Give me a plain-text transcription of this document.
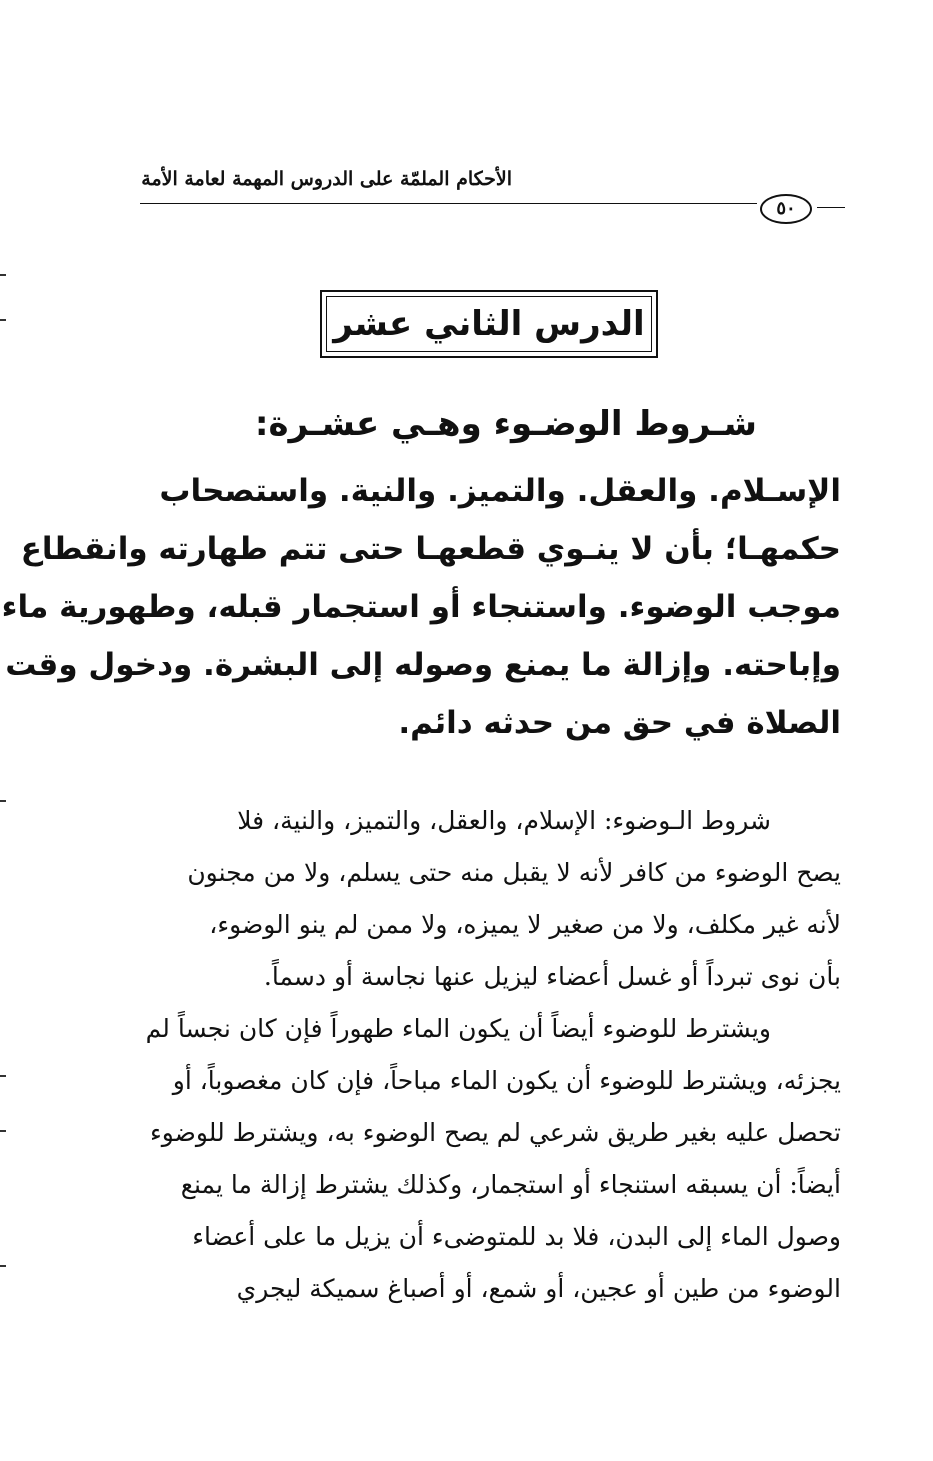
الأحكام الملمّة على الدروس المهمة لعامة الأمة
٥٠
الدرس الثاني عشر
شـروط الوضـوء وهـي عشـرة:
الإسـلام. والعقل. والتميز. والنية. واستصحاب
حكمهـا؛ بأن لا ينـوي قطعهـا حتى تتم طهارته وانقطاع
موجب الوضوء. واستنجاء أو استجمار قبله، وطهورية ماء
وإباحته. وإزالة ما يمنع وصوله إلى البشرة. ودخول وقت
الصلاة في حق من حدثه دائم.
شروط الـوضوء: الإسلام، والعقل، والتميز، والنية، فلا
يصح الوضوء من كافر لأنه لا يقبل منه حتى يسلم، ولا من مجنون
لأنه غير مكلف، ولا من صغير لا يميزه، ولا ممن لم ينو الوضوء،
بأن نوى تبرداً أو غسل أعضاء ليزيل عنها نجاسة أو دسماً.
ويشترط للوضوء أيضاً أن يكون الماء طهوراً فإن كان نجساً لم
يجزئه، ويشترط للوضوء أن يكون الماء مباحاً، فإن كان مغصوباً، أو
تحصل عليه بغير طريق شرعي لم يصح الوضوء به، ويشترط للوضوء
أيضاً: أن يسبقه استنجاء أو استجمار، وكذلك يشترط إزالة ما يمنع
وصول الماء إلى البدن، فلا بد للمتوضىء أن يزيل ما على أعضاء
الوضوء من طين أو عجين، أو شمع، أو أصباغ سميكة ليجري
